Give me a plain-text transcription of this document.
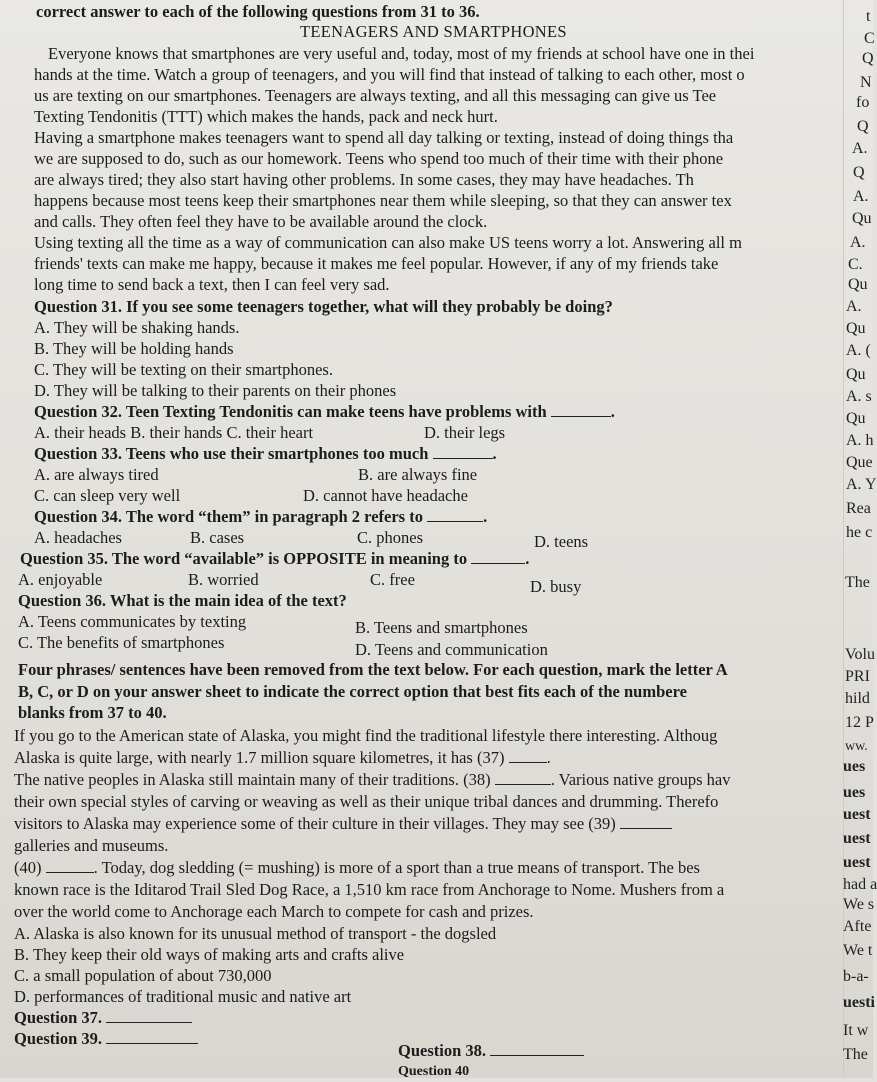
correct answer to each of the following questions from 31 to 36.
TEENAGERS AND SMARTPHONES
Everyone knows that smartphones are very useful and, today, most of my friends at school have one in thei
hands at the time. Watch a group of teenagers, and you will find that instead of talking to each other, most o
us are texting on our smartphones. Teenagers are always texting, and all this messaging can give us Tee
Texting Tendonitis (TTT) which makes the hands, pack and neck hurt.
Having a smartphone makes teenagers want to spend all day talking or texting, instead of doing things tha
we are supposed to do, such as our homework. Teens who spend too much of their time with their phone
are always tired; they also start having other problems. In some cases, they may have headaches. Th
happens because most teens keep their smartphones near them while sleeping, so that they can answer tex
and calls. They often feel they have to be available around the clock.
Using texting all the time as a way of communication can also make US teens worry a lot. Answering all m
friends' texts can make me happy, because it makes me feel popular. However, if any of my friends take
long time to send back a text, then I can feel very sad.
Question 31. If you see some teenagers together, what will they probably be doing?
A. They will be shaking hands.
B. They will be holding hands
C. They will be texting on their smartphones.
D. They will be talking to their parents on their phones
Question 32. Teen Texting Tendonitis can make teens have problems with	.
A. their heads B. their hands C. their heart	D. their legs
Question 33. Teens who use their smartphones too much	.
A. are always tired	B. are always fine
C. can sleep very well	D. cannot have headache
Question 34. The word “them” in paragraph 2 refers to	.
A. headaches	B. cases	C. phones	D. teens
Question 35. The word “available” is OPPOSITE in meaning to	.
A. enjoyable	B. worried	C. free	D. busy
Question 36. What is the main idea of the text?
A. Teens communicates by texting	B. Teens and smartphones
C. The benefits of smartphones	D. Teens and communication
Four phrases/ sentences have been removed from the text below. For each question, mark the letter A
B, C, or D on your answer sheet to indicate the correct option that best fits each of the numbere
blanks from 37 to 40.
If you go to the American state of Alaska, you might find the traditional lifestyle there interesting. Althoug
Alaska is quite large, with nearly 1.7 million square kilometres, it has (37)	.
The native peoples in Alaska still maintain many of their traditions. (38)	. Various native groups hav
their own special styles of carving or weaving as well as their unique tribal dances and drumming. Therefo
visitors to Alaska may experience some of their culture in their villages. They may see (39)
galleries and museums.
(40)	. Today, dog sledding (= mushing) is more of a sport than a true means of transport. The bes
known race is the Iditarod Trail Sled Dog Race, a 1,510 km race from Anchorage to Nome. Mushers from a
over the world come to Anchorage each March to compete for cash and prizes.
A. Alaska is also known for its unusual method of transport - the dogsled
B. They keep their old ways of making arts and crafts alive
C. a small population of about 730,000
D. performances of traditional music and native art
Question 37.
Question 39.
Question 38.
Question 40
t
C
Q
N
fo
Q
A.
Q
A.
Qu
A.
C.
Qu
A.
Qu
A. (
Qu
A. s
Qu
A. h
Que
A. Y
Rea
he c
The
Volu
PRI
hild
12 P
ww.
ues
ues
uest
uest
uest
had a
We s
Afte
We t
b-a-
uesti
It w
The
